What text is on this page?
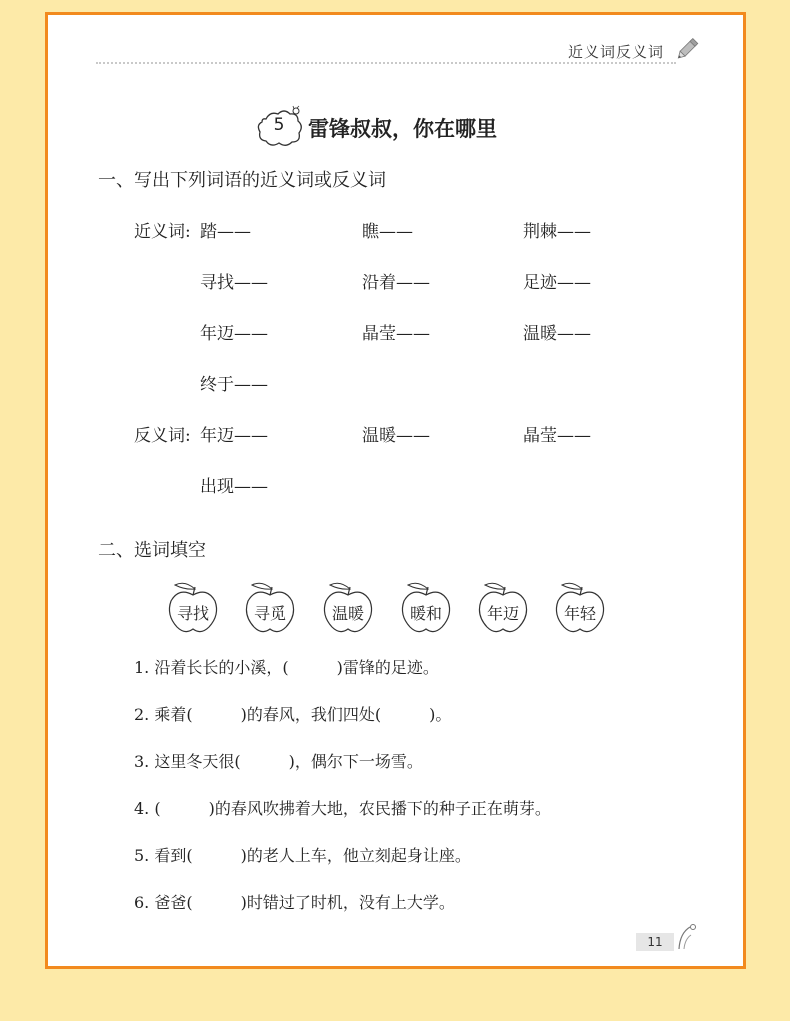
近义词反义词
5	雷锋叔叔，你在哪里
一、写出下列词语的近义词或反义词
近义词: 踏——	瞧——	荆棘——
寻找——	沿着——	足迹——
年迈——	晶莹——	温暖——
终于——
反义词: 年迈——	温暖——	晶莹——
出现——
二、选词填空
寻找	寻觅	温暖	暖和	年迈	年轻
1. 沿着长长的小溪，(　　　)雷锋的足迹。
2. 乘着(　　　)的春风，我们四处(　　　)。
3. 这里冬天很(　　　)，偶尔下一场雪。
4. (　　　)的春风吹拂着大地，农民播下的种子正在萌芽。
5. 看到(　　　)的老人上车，他立刻起身让座。
6. 爸爸(　　　)时错过了时机，没有上大学。
11
